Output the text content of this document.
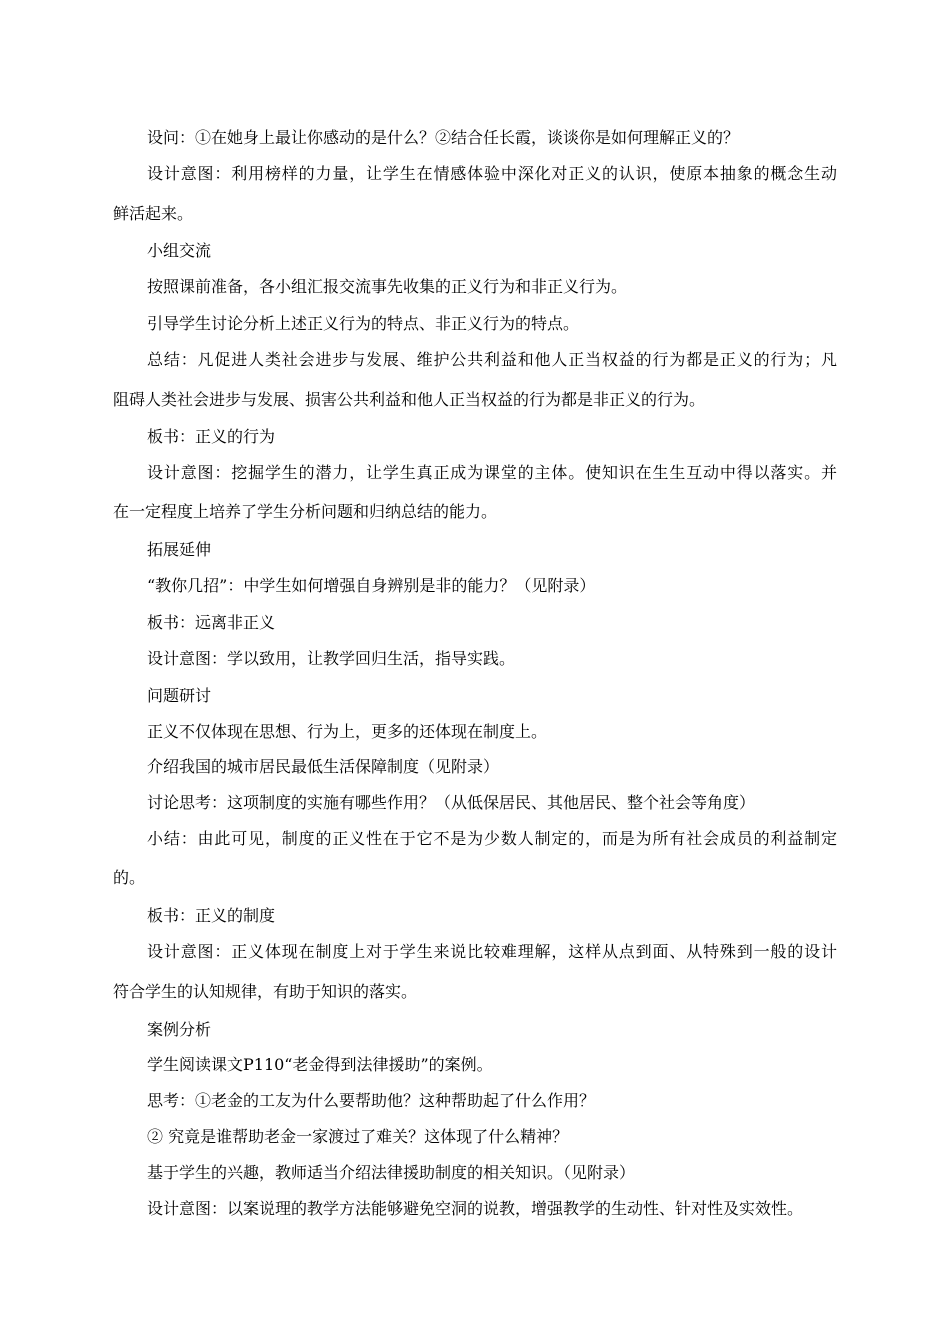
设问：①在她身上最让你感动的是什么？②结合任长霞，谈谈你是如何理解正义的？
设计意图：利用榜样的力量，让学生在情感体验中深化对正义的认识，使原本抽象的概念生动
鲜活起来。
小组交流
按照课前准备，各小组汇报交流事先收集的正义行为和非正义行为。
引导学生讨论分析上述正义行为的特点、非正义行为的特点。
总结：凡促进人类社会进步与发展、维护公共利益和他人正当权益的行为都是正义的行为；凡
阻碍人类社会进步与发展、损害公共利益和他人正当权益的行为都是非正义的行为。
板书：正义的行为
设计意图：挖掘学生的潜力，让学生真正成为课堂的主体。使知识在生生互动中得以落实。并
在一定程度上培养了学生分析问题和归纳总结的能力。
拓展延伸
“教你几招”：中学生如何增强自身辨别是非的能力？（见附录）
板书：远离非正义
设计意图：学以致用，让教学回归生活，指导实践。
问题研讨
正义不仅体现在思想、行为上，更多的还体现在制度上。
介绍我国的城市居民最低生活保障制度（见附录）
讨论思考：这项制度的实施有哪些作用？（从低保居民、其他居民、整个社会等角度）
小结：由此可见，制度的正义性在于它不是为少数人制定的，而是为所有社会成员的利益制定
的。
板书：正义的制度
设计意图：正义体现在制度上对于学生来说比较难理解，这样从点到面、从特殊到一般的设计
符合学生的认知规律，有助于知识的落实。
案例分析
学生阅读课文P110“老金得到法律援助”的案例。
思考：①老金的工友为什么要帮助他？这种帮助起了什么作用？
② 究竟是谁帮助老金一家渡过了难关？这体现了什么精神？
基于学生的兴趣，教师适当介绍法律援助制度的相关知识。（见附录）
设计意图：以案说理的教学方法能够避免空洞的说教，增强教学的生动性、针对性及实效性。
